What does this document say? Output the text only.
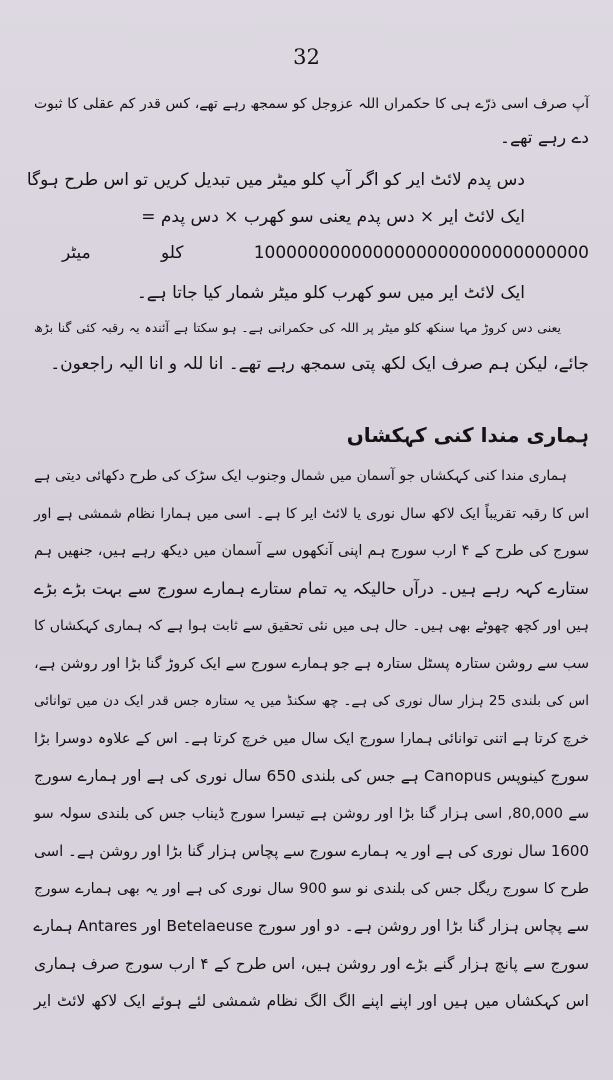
32
آپ صرف اسی ذرّے ہی کا حکمراں اللہ عزوجل کو سمجھ رہے تھے، کس قدر کم عقلی کا ثبوت
دے رہے تھے۔
دس پدم لائٹ ایر کو اگر آپ کلو میٹر میں تبدیل کریں تو اس طرح ہوگا
ایک لائٹ ایر × دس پدم یعنی سو کھرب × دس پدم =
1000000000000000000000000000000 کلو میٹر
ایک لائٹ ایر میں سو کھرب کلو میٹر شمار کیا جاتا ہے۔
یعنی دس کروڑ مہا سنکھ کلو میٹر پر اللہ کی حکمرانی ہے۔ ہو سکتا ہے آئندہ یہ رقبہ کئی گنا بڑھ
جائے، لیکن ہم صرف ایک لکھ پتی سمجھ رہے تھے۔ انا للہ و انا الیہ راجعون۔
ہماری مندا کنی کہکشاں
ہماری مندا کنی کہکشاں جو آسمان میں شمال وجنوب ایک سڑک کی طرح دکھائی دیتی ہے
اس کا رقبہ تقریباً ایک لاکھ سال نوری یا لائٹ ایر کا ہے۔ اسی میں ہمارا نظام شمشی ہے اور
سورج کی طرح کے ۴ ارب سورج ہم اپنی آنکھوں سے آسمان میں دیکھ رہے ہیں، جنھیں ہم
ستارے کہہ رہے ہیں۔ درآں حالیکہ یہ تمام ستارے ہمارے سورج سے بہت بڑے بڑے
ہیں اور کچھ چھوٹے بھی ہیں۔ حال ہی میں نئی تحقیق سے ثابت ہوا ہے کہ ہماری کہکشاں کا
سب سے روشن ستارہ پسٹل ستارہ ہے جو ہمارے سورج سے ایک کروڑ گنا بڑا اور روشن ہے،
اس کی بلندی 25 ہزار سال نوری کی ہے۔ چھ سکنڈ میں یہ ستارہ جس قدر ایک دن میں توانائی
خرچ کرتا ہے اتنی توانائی ہمارا سورج ایک سال میں خرچ کرتا ہے۔ اس کے علاوہ دوسرا بڑا
سورج کینوپس Canopus ہے جس کی بلندی 650 سال نوری کی ہے اور ہمارے سورج
سے 80,000, اسی ہزار گنا بڑا اور روشن ہے تیسرا سورج ڈیناب جس کی بلندی سولہ سو
1600 سال نوری کی ہے اور یہ ہمارے سورج سے پچاس ہزار گنا بڑا اور روشن ہے۔ اسی
طرح کا سورج ریگل جس کی بلندی نو سو 900 سال نوری کی ہے اور یہ بھی ہمارے سورج
سے پچاس ہزار گنا بڑا اور روشن ہے۔ دو اور سورج Betelaeuse اور Antares ہمارے
سورج سے پانچ ہزار گنے بڑے اور روشن ہیں، اس طرح کے ۴ ارب سورج صرف ہماری
اس کہکشاں میں ہیں اور اپنے اپنے الگ الگ نظام شمشی لئے ہوئے ایک لاکھ لائٹ ایر
